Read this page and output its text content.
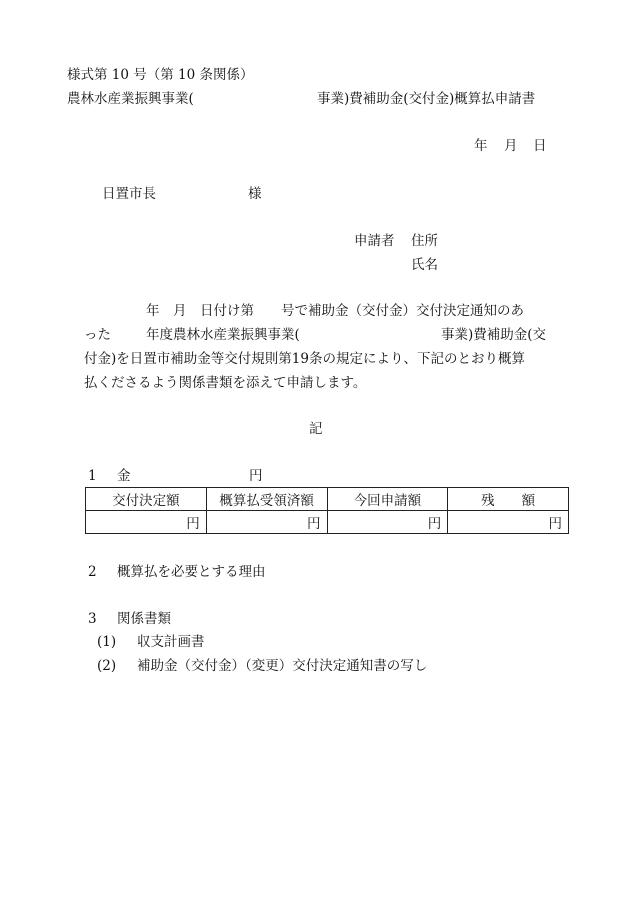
様式第 10 号（第 10 条関係）
農林水産業振興事業(	事業)費補助金(交付金)概算払申請書
年 月 日
日置市長	様
申請者 住所
氏名
年　月　日付け第　　号で補助金（交付金）交付決定通知のあ
った	年度農林水産業振興事業(	事業)費補助金(交
付金)を日置市補助金等交付規則第19条の規定により、下記のとおり概算
払くださるよう関係書類を添えて申請します。
記
1 金	円
交付決定額	概算払受領済額	今回申請額	残　　額
円	円	円	円
2 概算払を必要とする理由
3 関係書類
(1) 収支計画書
(2) 補助金（交付金）（変更）交付決定通知書の写し
